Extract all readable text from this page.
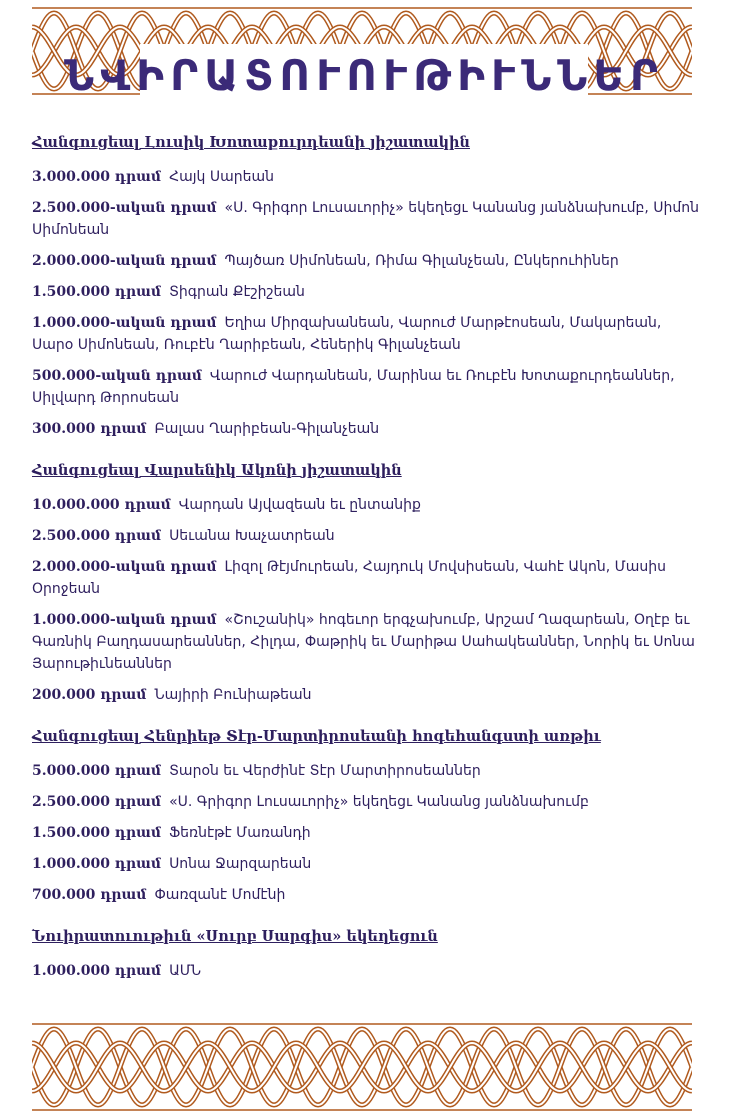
ՆՎԻՐԱՏՈՒՈՒԹԻՒՆՆԵՐ
Հանգուցեալ Լուսիկ Խոտաքուրդեանի յիշատակին
3.000.000 դրամ Հայկ Սարեան
2.500.000-ական դրամ «Ս. Գրիգոր Լուսաւորիչ» եկեղեցւ Կանանց յանձնախումբ, Սիմոն Սիմոնեան
2.000.000-ական դրամ Պայծառ Սիմոնեան, Ռիմա Գիլանչեան, Ընկերուհիներ
1.500.000 դրամ Տիգրան Քէշիշեան
1.000.000-ական դրամ Եղիա Միրզախանեան, Վարուժ Մարթէոսեան, Մակարեան, Սարօ Սիմոնեան, Ռուբէն Ղարիբեան, Հեներիկ Գիլանչեան
500.000-ական դրամ Վարուժ Վարդանեան, Մարինա եւ Ռուբէն Խոտաքուրդեաններ, Սիլվարդ Թորոսեան
300.000 դրամ Բալաս Ղարիբեան-Գիլանչեան
Հանգուցեալ Վարսենիկ Ակոնի յիշատակին
10.000.000 դրամ Վարդան Այվազեան եւ ընտանիք
2.500.000 դրամ Սեւանա Խաչատրեան
2.000.000-ական դրամ Լիզոլ Թէյմուրեան, Հայդուկ Մովսիսեան, Վահէ Ակոն, Մասիս Օրոջեան
1.000.000-ական դրամ «Շուշանիկ» հոգեւոր երգչախումբ, Արշամ Ղազարեան, Օղէբ եւ Գառնիկ Բաղդասարեաններ, Հիլդա, Փաթրիկ եւ Մարիթա Սահակեաններ, Նորիկ եւ Սոնա Յարութիւնեաններ
200.000 դրամ Նայիրի Բունիաթեան
Հանգուցեալ Հենրիեթ Տէր-Մարտիրոսեանի հոգեհանգստի առթիւ
5.000.000 դրամ Տարօն եւ Վերժինէ Տէր Մարտիրոսեաններ
2.500.000 դրամ «Ս. Գրիգոր Լուսաւորիչ» եկեղեցւ Կանանց յանձնախումբ
1.500.000 դրամ Ֆեռնէթէ Մառանդի
1.000.000 դրամ Սոնա Ջարզարեան
700.000 դրամ Փառզանէ Մոմէնի
Նուիրատուութիւն «Սուրբ Սարգիս» եկեղեցուն
1.000.000 դրամ ԱՄՆ
